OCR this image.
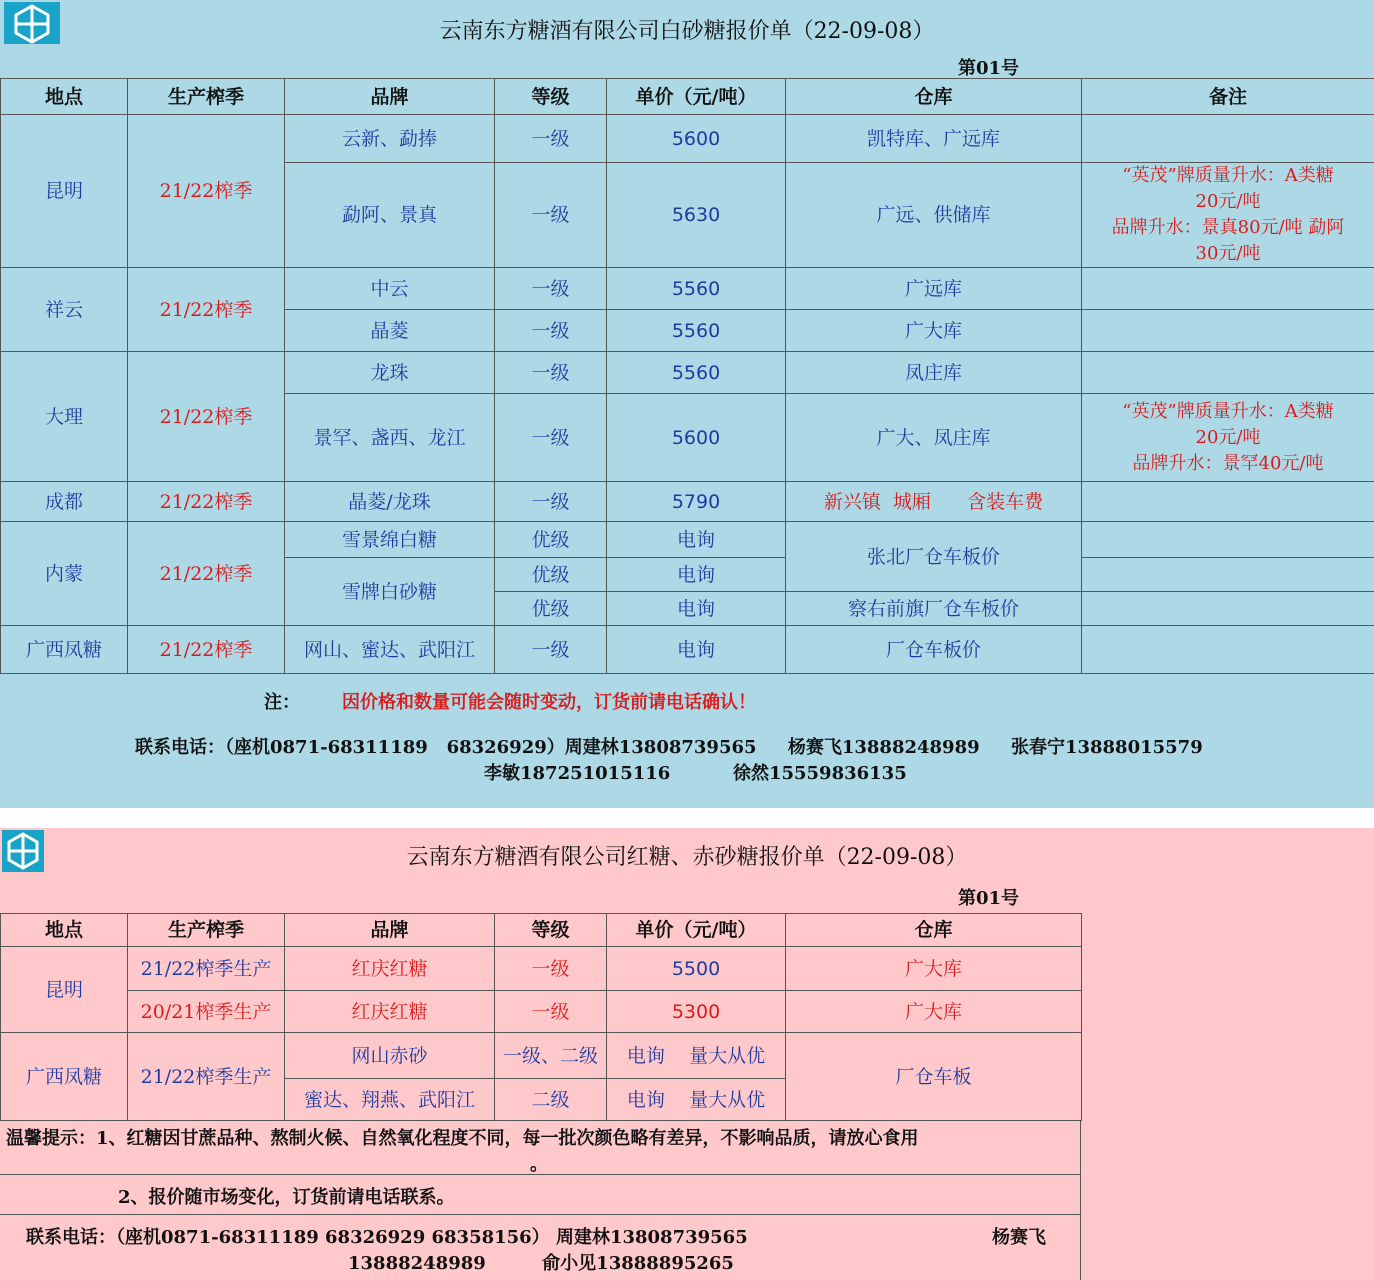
云南东方糖酒有限公司白砂糖报价单（22-09-08）
第01号
地点	生产榨季	品牌	等级	单价（元/吨）	仓库	备注
昆明	21/22榨季	云新、勐捧	一级	5600	凯特库、广远库	
		勐阿、景真	一级	5630	广远、供储库	“英茂”牌质量升水：A类糖
20元/吨
品牌升水：景真80元/吨 勐阿
30元/吨

祥云	21/22榨季	中云	一级	5560	广远库	
		晶菱	一级	5560	广大库	
大理	21/22榨季	龙珠	一级	5560	凤庄库	
		景罕、盏西、龙江	一级	5600	广大、凤庄库	“英茂”牌质量升水：A类糖
20元/吨
品牌升水：景罕40元/吨

成都	21/22榨季	晶菱/龙珠	一级	5790	新兴镇  城厢      含装车费	
内蒙	21/22榨季	雪景绵白糖	优级	电询	张北厂仓车板价	
		雪牌白砂糖	优级	电询		
			优级	电询	察右前旗厂仓车板价	
广西凤糖	21/22榨季	网山、蜜达、武阳江	一级	电询	厂仓车板价	
注： 因价格和数量可能会随时变动，订货前请电话确认！
联系电话：（座机0871-68311189   68326929）周建林13808739565     杨赛飞13888248989     张春宁13888015579
李敏187251015116          徐然15559836135
云南东方糖酒有限公司红糖、赤砂糖报价单（22-09-08）
第01号
地点	生产榨季	品牌	等级	单价（元/吨）	仓库
昆明	21/22榨季生产	红庆红糖	一级	5500	广大库
	20/21榨季生产	红庆红糖	一级	5300	广大库
广西凤糖	21/22榨季生产	网山赤砂	一级、二级	电询    量大从优	厂仓车板
		蜜达、翔燕、武阳江	二级	电询    量大从优	
温馨提示：1、红糖因甘蔗品种、熬制火候、自然氧化程度不同，每一批次颜色略有差异，不影响品质，请放心食用
。
2、报价随市场变化，订货前请电话联系。
联系电话：（座机0871-68311189 68326929 68358156） 周建林13808739565	杨赛飞
13888248989         俞小见13888895265
